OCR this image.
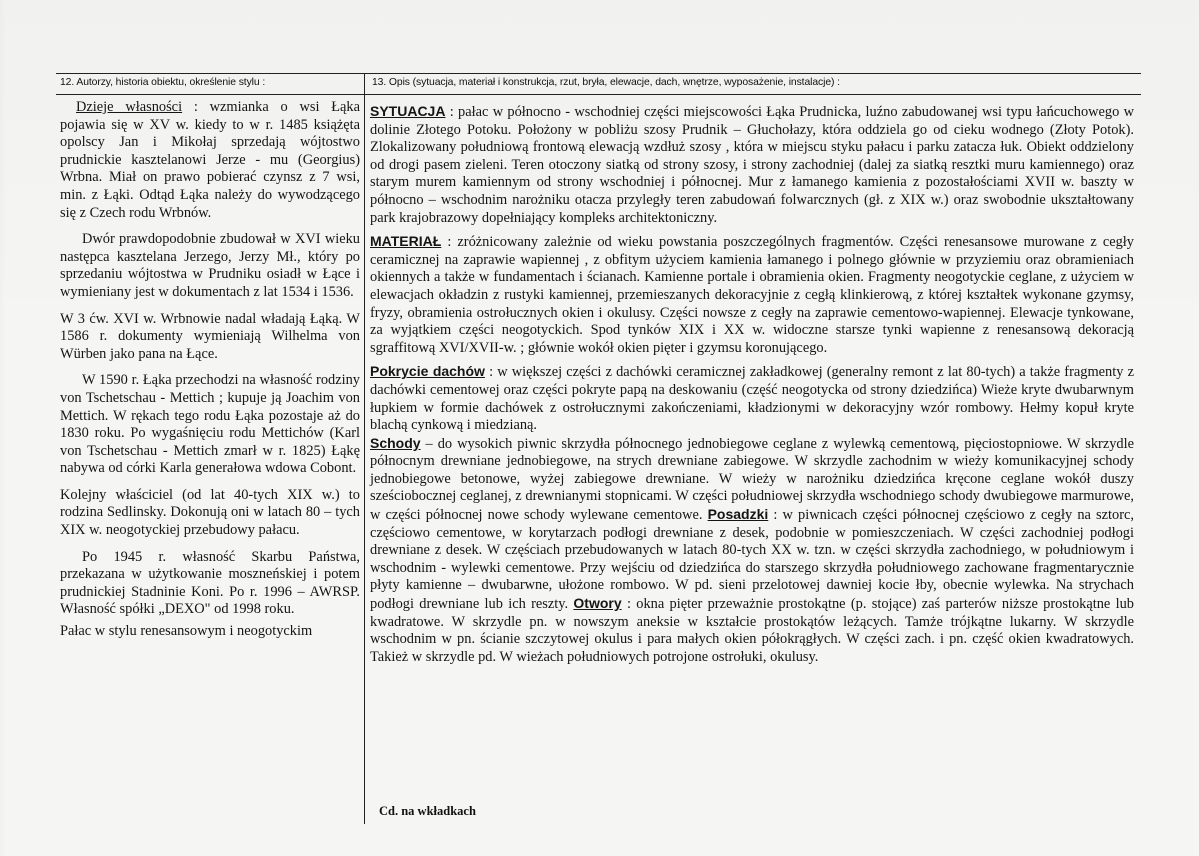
12. Autorzy, historia obiektu, określenie stylu :	13. Opis (sytuacja, materiał i konstrukcja, rzut, bryła, elewacje, dach, wnętrze, wyposażenie, instalacje) :

Dzieje własności : wzmianka o wsi Łąka pojawia się w XV w. kiedy to w r. 1485 książęta opolscy Jan i Mikołaj sprzedają wójtostwo prudnickie kasztelanowi Jerze - mu (Georgius) Wrbna. Miał on prawo pobierać czynsz z 7 wsi, min. z Łąki. Odtąd Łąka należy do wywodzącego się z Czech rodu Wrbnów.

Dwór prawdopodobnie zbudował w XVI wieku następca kasztelana Jerzego, Jerzy Mł., który po sprzedaniu wójtostwa w Prudniku osiadł w Łące i wymieniany jest w dokumentach z lat 1534 i 1536.

W 3 ćw. XVI w. Wrbnowie nadal władają Łąką. W 1586 r. dokumenty wymieniają Wilhelma von Würben jako pana na Łące.

W 1590 r. Łąka przechodzi na własność rodziny von Tschetschau - Mettich ; kupuje ją Joachim von Mettich. W rękach tego rodu Łąka pozostaje aż do 1830 roku. Po wygaśnięciu rodu Mettichów (Karl von Tschetschau - Mettich zmarł w r. 1825) Łąkę nabywa od córki Karla generałowa wdowa Cobont.

Kolejny właściciel (od lat 40-tych XIX w.) to rodzina Sedlinsky. Dokonują oni w latach 80 – tych XIX w. neogotyckiej przebudowy pałacu.

Po 1945 r. własność Skarbu Państwa, przekazana w użytkowanie mosznеńskiej i potem prudnickiej Stadninie Koni. Po r. 1996 – AWRSP. Własność spółki „DEXO" od 1998 roku.

Pałac w stylu renesansowym i neogotyckim

SYTUACJA : pałac w północno - wschodniej części miejscowości Łąka Prudnicka, luźno zabudowanej wsi typu łańcuchowego w dolinie Złotego Potoku. Położony w pobliżu szosy Prudnik – Głuchołazy, która oddziela go od cieku wodnego (Złoty Potok). Zlokalizowany południową frontową elewacją wzdłuż szosy , która w miejscu styku pałacu i parku zatacza łuk. Obiekt oddzielony od drogi pasem zieleni. Teren otoczony siatką od strony szosy, i strony zachodniej (dalej za siatką resztki muru kamiennego) oraz starym murem kamiennym od strony wschodniej i północnej. Mur z łamanego kamienia z pozostałościami XVII w. baszty w północno – wschodnim narożniku otacza przyległy teren zabudowań folwarcznych (gł. z XIX w.) oraz swobodnie ukształtowany park krajobrazowy dopełniający kompleks architektoniczny.

MATERIAŁ : zróżnicowany zależnie od wieku powstania poszczególnych fragmentów. Części renesansowe murowane z cegły ceramicznej na zaprawie wapiennej , z obfitym użyciem kamienia łamanego i polnego głównie w przyziemiu oraz obramieniach okiennych a także w fundamentach i ścianach. Kamienne portale i obramienia okien. Fragmenty neogotyckie ceglane, z użyciem w elewacjach okładzin z rustyki kamiennej, przemieszanych dekoracyjnie z cegłą klinkierową, z której kształtek wykonane gzymsy, fryzy, obramienia ostrołucznych okien i okulusy. Części nowsze z cegły na zaprawie cementowo-wapiennej. Elewacje tynkowane, za wyjątkiem części neogotyckich. Spod tynków XIX i XX w. widoczne starsze tynki wapienne z renesansową dekoracją sgraffitową XVI/XVII-w. ; głównie wokół okien pięter i gzymsu koronującego.

Pokrycie dachów : w większej części z dachówki ceramicznej zakładkowej (generalny remont z lat 80-tych) a także fragmenty z dachówki cementowej oraz części pokryte papą na deskowaniu (część neogotycka od strony dziedzińca) Wieże kryte dwubarwnym łupkiem w formie dachówek z ostrołucznymi zakończeniami, kładzionymi w dekoracyjny wzór rombowy. Hełmy kopuł kryte blachą cynkową i miedzianą.

Schody – do wysokich piwnic skrzydła północnego jednobiegowe ceglane z wylewką cementową, pięciostopniowe. W skrzydle północnym drewniane jednobiegowe, na strych drewniane zabiegowe. W skrzydle zachodnim w wieży komunikacyjnej schody jednobiegowe betonowe, wyżej zabiegowe drewniane. W wieży w narożniku dziedzińca kręcone ceglane wokół duszy sześciobocznej ceglanej, z drewnianymi stopnicami. W części południowej skrzydła wschodniego schody dwubiegowe marmurowe, w części północnej nowe schody wylewane cementowe. Posadzki : w piwnicach części północnej częściowo z cegły na sztorc, częściowo cementowe, w korytarzach podłogi drewniane z desek, podobnie w pomieszczeniach. W części zachodniej podłogi drewniane z desek. W częściach przebudowanych w latach 80-tych XX w. tzn. w części skrzydła zachodniego, w południowym i wschodnim - wylewki cementowe. Przy wejściu od dziedzińca do starszego skrzydła południowego zachowane fragmentarycznie płyty kamienne – dwubarwne, ułożone rombowo. W pd. sieni przelotowej dawniej kocie łby, obecnie wylewka. Na strychach podłogi drewniane lub ich reszty. Otwory : okna pięter przeważnie prostokątne (p. stojące) zaś parterów niższe prostokątne lub kwadratowe. W skrzydle pn. w nowszym aneksie w kształcie prostokątów leżących. Tamże trójkątne lukarny. W skrzydle wschodnim w pn. ścianie szczytowej okulus i para małych okien półokrągłych. W części zach. i pn. część okien kwadratowych. Takież w skrzydle pd. W wieżach południowych potrojone ostrołuki, okulusy.

Cd. na wkładkach
